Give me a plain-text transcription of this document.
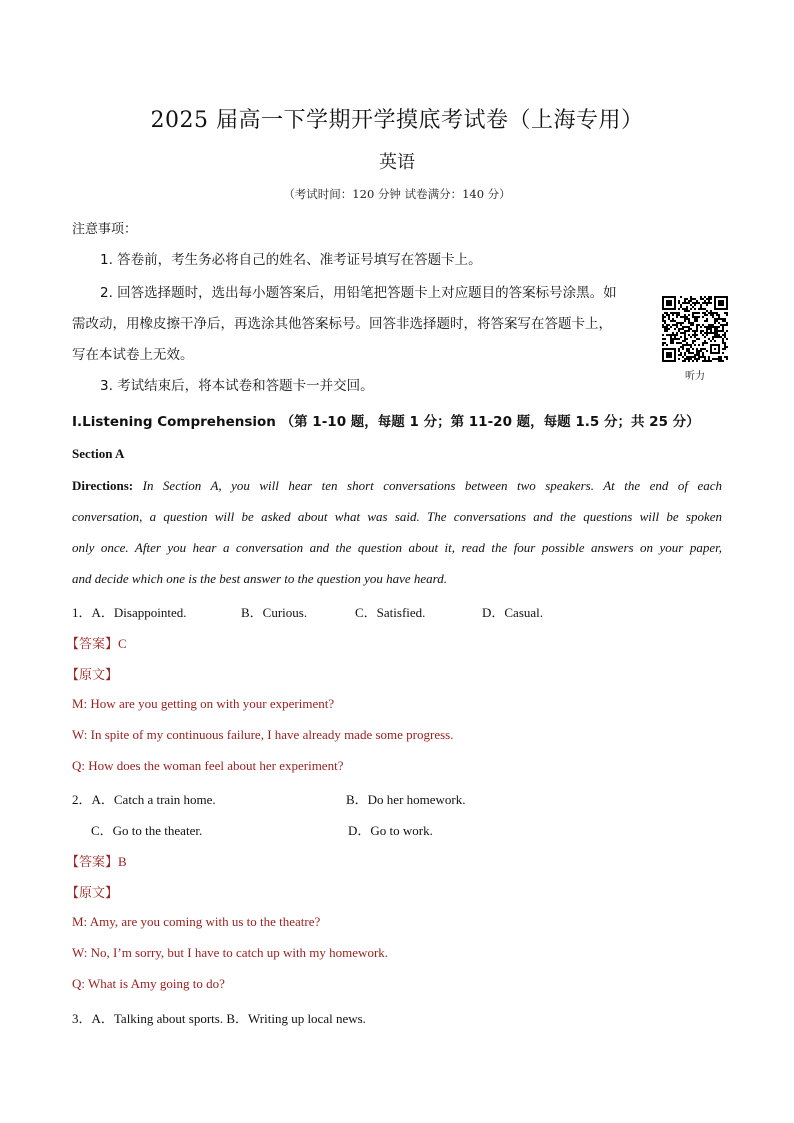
2025 届高一下学期开学摸底考试卷（上海专用）
英语
（考试时间：120 分钟 试卷满分：140 分）
注意事项：
1. 答卷前，考生务必将自己的姓名、准考证号填写在答题卡上。
2. 回答选择题时，选出每小题答案后，用铅笔把答题卡上对应题目的答案标号涂黑。如
需改动，用橡皮擦干净后，再选涂其他答案标号。回答非选择题时，将答案写在答题卡上，
写在本试卷上无效。
3. 考试结束后，将本试卷和答题卡一并交回。
听力
I.Listening Comprehension （第 1-10 题，每题 1 分；第 11-20 题，每题 1.5 分；共 25 分）
Section A
Directions: In Section A, you will hear ten short conversations between two speakers. At the end of each
conversation, a question will be asked about what was said. The conversations and the questions will be spoken
only once. After you hear a conversation and the question about it, read the four possible answers on your paper,
and decide which one is the best answer to the question you have heard.
1．A．Disappointed.	B．Curious.	C．Satisfied.	D．Casual.
【答案】C
【原文】
M: How are you getting on with your experiment?
W: In spite of my continuous failure, I have already made some progress.
Q: How does the woman feel about her experiment?
2．A．Catch a train home.	B．Do her homework.
C．Go to the theater.	D．Go to work.
【答案】B
【原文】
M: Amy, are you coming with us to the theatre?
W: No, I’m sorry, but I have to catch up with my homework.
Q: What is Amy going to do?
3．A．Talking about sports. B．Writing up local news.
